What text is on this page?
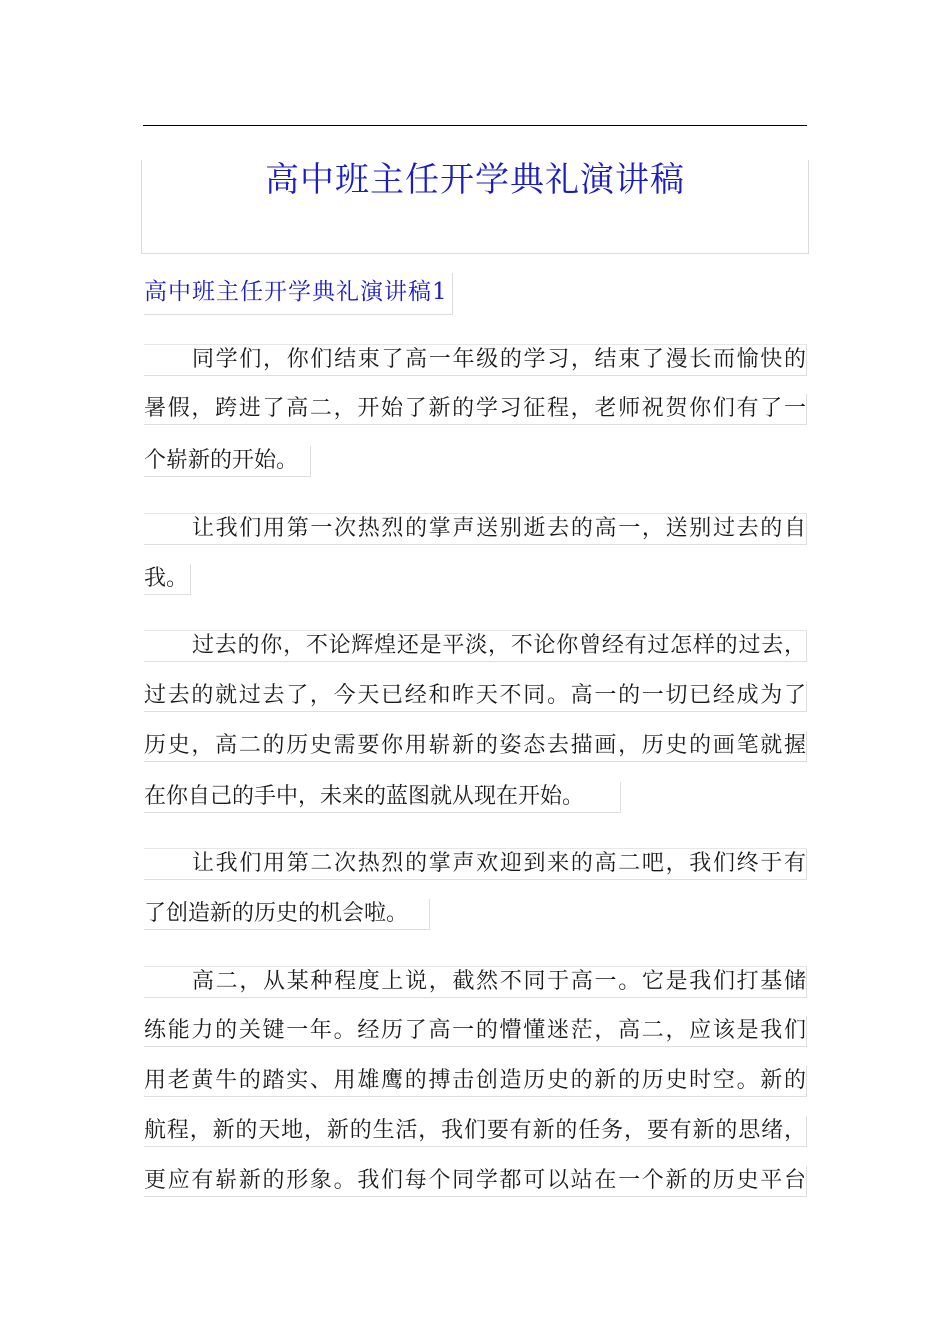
高中班主任开学典礼演讲稿
高中班主任开学典礼演讲稿1
同学们，你们结束了高一年级的学习，结束了漫长而愉快的
暑假，跨进了高二，开始了新的学习征程，老师祝贺你们有了一
个崭新的开始。
让我们用第一次热烈的掌声送别逝去的高一，送别过去的自
我。
过去的你，不论辉煌还是平淡，不论你曾经有过怎样的过去，
过去的就过去了，今天已经和昨天不同。高一的一切已经成为了
历史，高二的历史需要你用崭新的姿态去描画，历史的画笔就握
在你自己的手中，未来的蓝图就从现在开始。
让我们用第二次热烈的掌声欢迎到来的高二吧，我们终于有
了创造新的历史的机会啦。
高二，从某种程度上说，截然不同于高一。它是我们打基储
练能力的关键一年。经历了高一的懵懂迷茫，高二，应该是我们
用老黄牛的踏实、用雄鹰的搏击创造历史的新的历史时空。新的
航程，新的天地，新的生活，我们要有新的任务，要有新的思绪，
更应有崭新的形象。我们每个同学都可以站在一个新的历史平台
